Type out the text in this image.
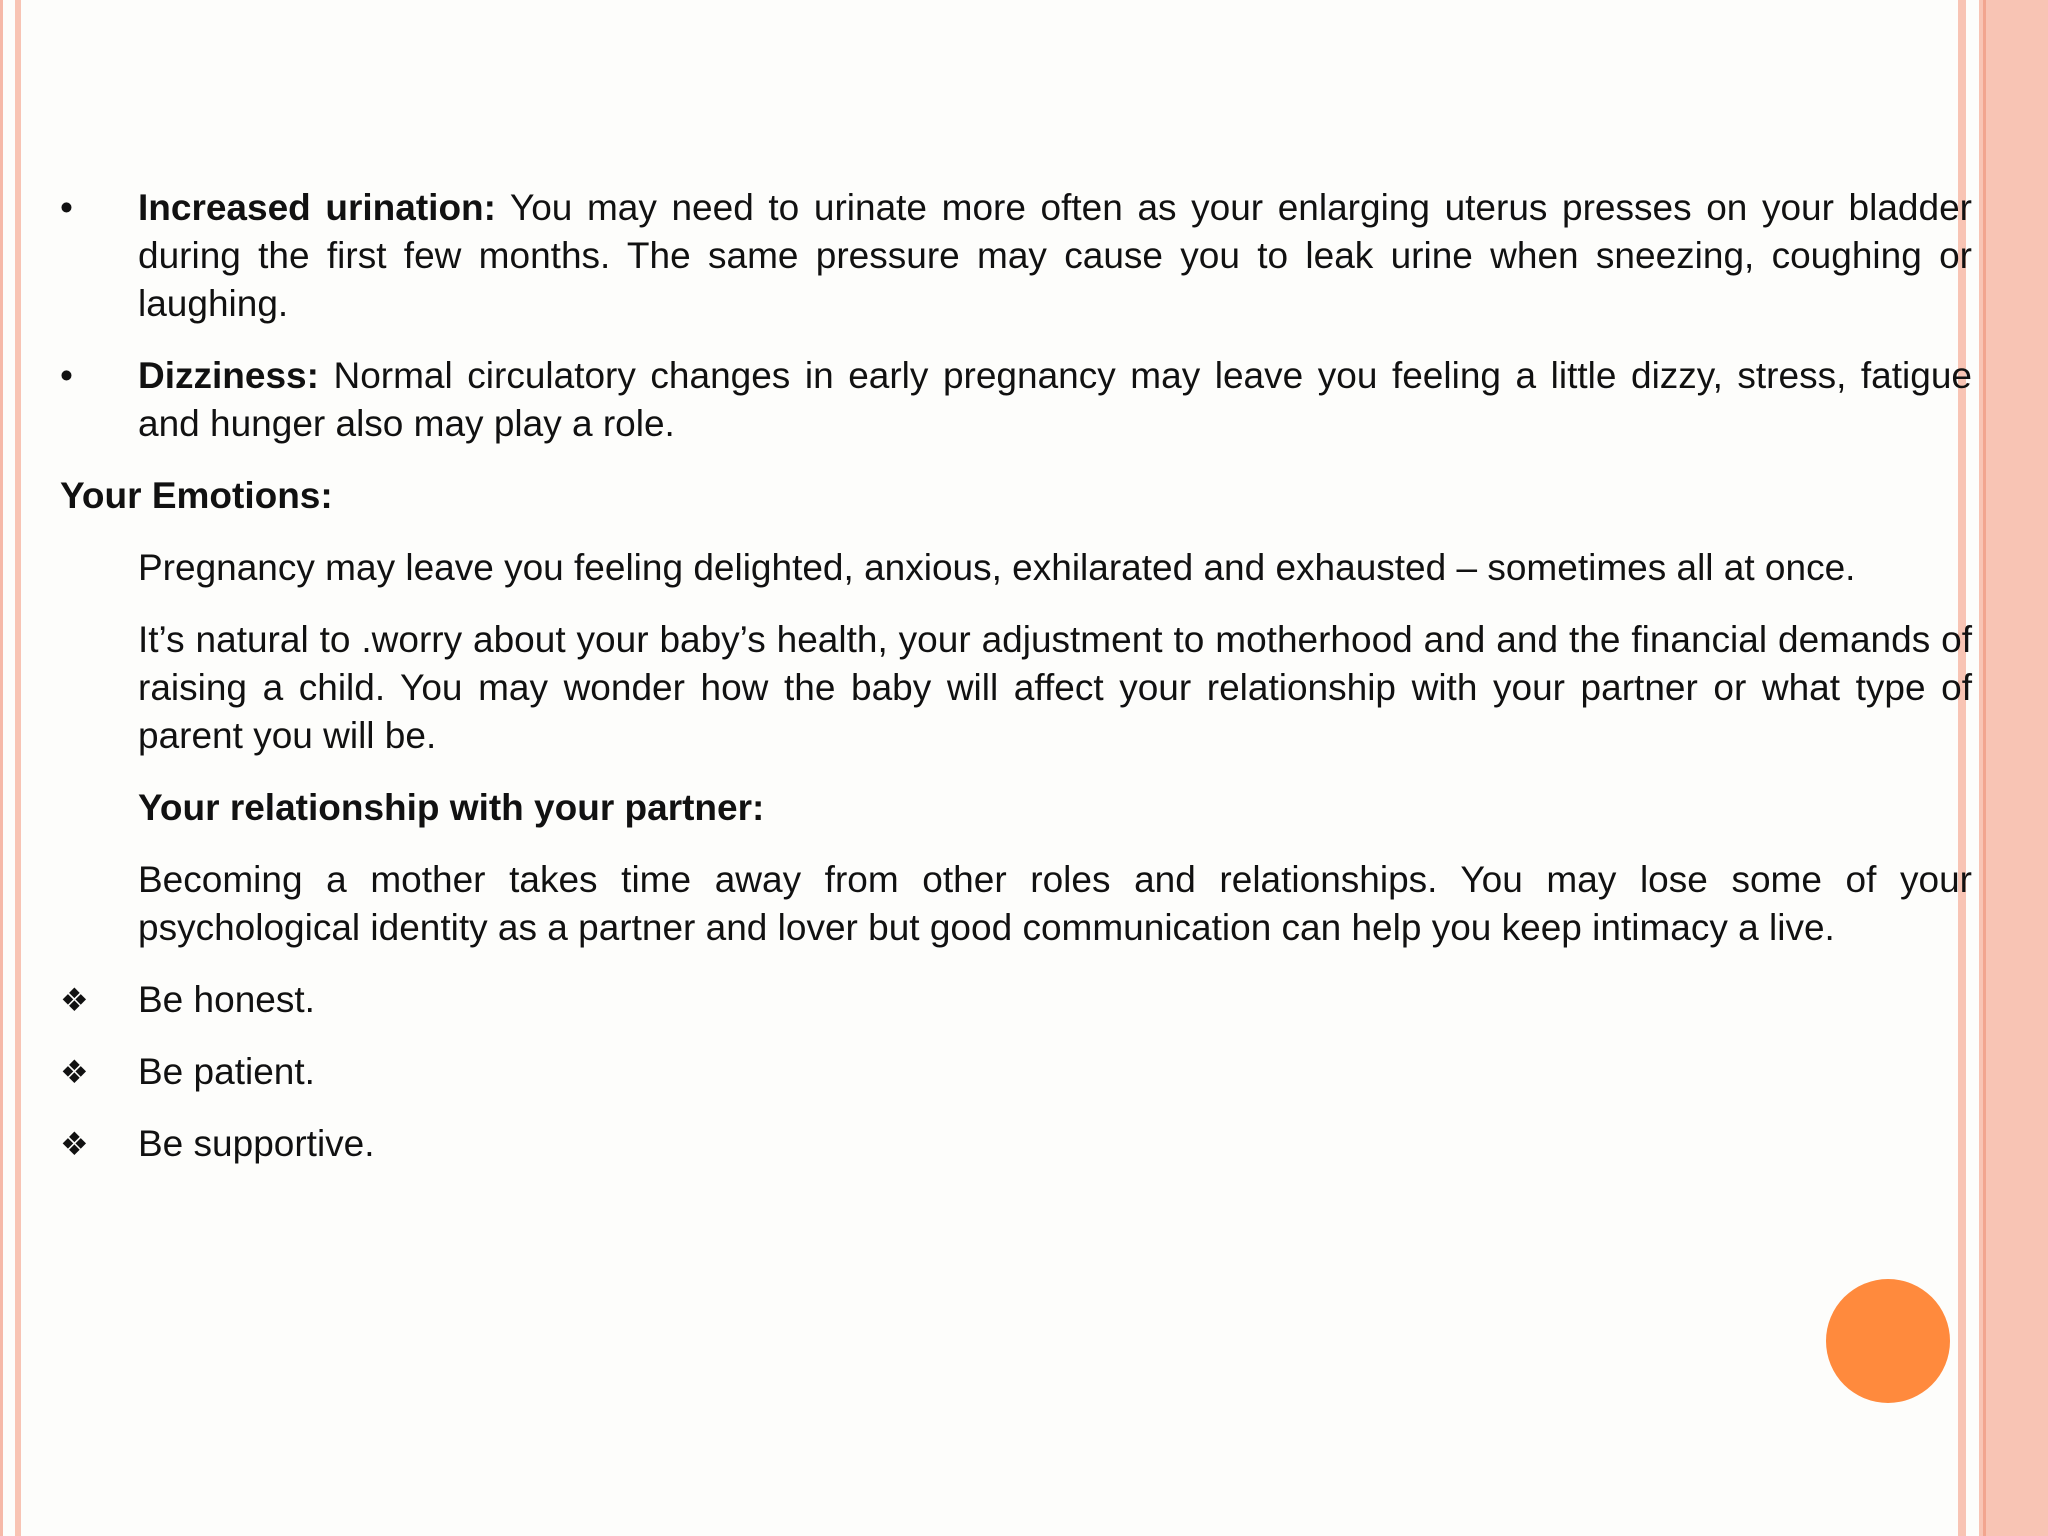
•	Increased urination: You may need to urinate more often as your enlarging uterus presses on your bladder during the first few months. The same pressure may cause you to leak urine when sneezing, coughing or laughing.
•	Dizziness: Normal circulatory changes in early pregnancy may leave you feeling a little dizzy, stress, fatigue and hunger also may play a role.
Your Emotions:
Pregnancy may leave you feeling delighted, anxious, exhilarated and exhausted – sometimes all at once.
It’s natural to .worry about your baby’s health, your adjustment to motherhood and and the financial demands of raising a child. You may wonder how the baby will affect your relationship with your partner or what type of parent you will be.
Your relationship with your partner:
Becoming a mother takes time away from other roles and relationships. You may lose some of your psychological identity as a partner and lover but good communication can help you keep intimacy a live.
❖	Be honest.
❖	Be patient.
❖	Be supportive.
